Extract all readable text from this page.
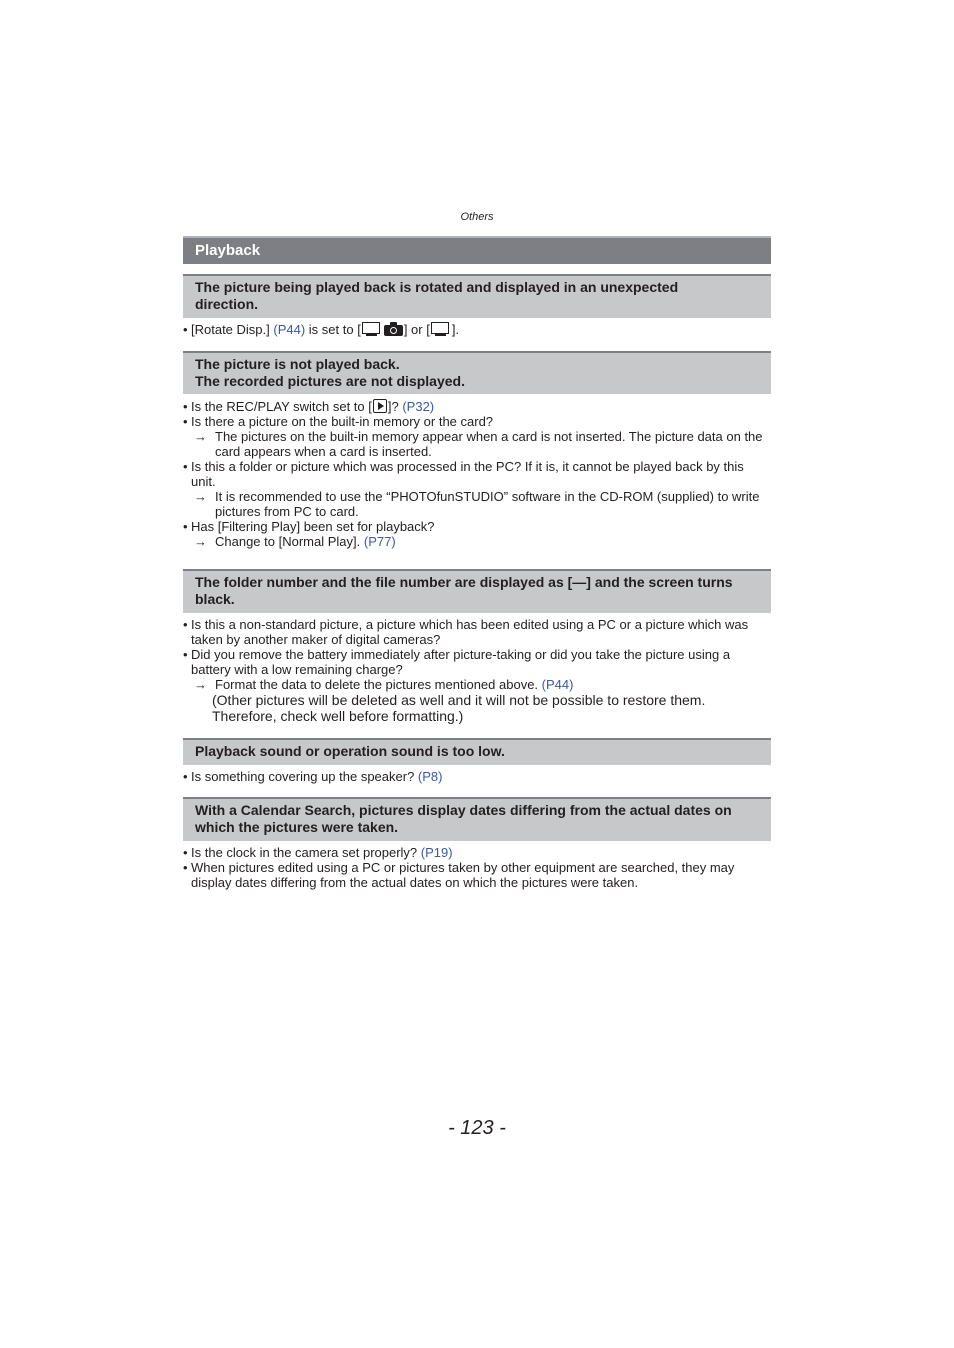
Others
Playback
The picture being played back is rotated and displayed in an unexpected
direction.
• [Rotate Disp.] (P44) is set to [	] or [ ].
The picture is not played back.
The recorded pictures are not displayed.
• Is the REC/PLAY switch set to [ ]? (P32)
• Is there a picture on the built-in memory or the card?
→ The pictures on the built-in memory appear when a card is not inserted. The picture data on the card appears when a card is inserted.
• Is this a folder or picture which was processed in the PC? If it is, it cannot be played back by this unit.
→ It is recommended to use the “PHOTOfunSTUDIO” software in the CD-ROM (supplied) to write pictures from PC to card.
• Has [Filtering Play] been set for playback?
→ Change to [Normal Play]. (P77)
The folder number and the file number are displayed as [—] and the screen turns
black.
• Is this a non-standard picture, a picture which has been edited using a PC or a picture which was taken by another maker of digital cameras?
• Did you remove the battery immediately after picture-taking or did you take the picture using a battery with a low remaining charge?
→ Format the data to delete the pictures mentioned above. (P44)
(Other pictures will be deleted as well and it will not be possible to restore them.
Therefore, check well before formatting.)
Playback sound or operation sound is too low.
• Is something covering up the speaker? (P8)
With a Calendar Search, pictures display dates differing from the actual dates on
which the pictures were taken.
• Is the clock in the camera set properly? (P19)
• When pictures edited using a PC or pictures taken by other equipment are searched, they may display dates differing from the actual dates on which the pictures were taken.
- 123 -
